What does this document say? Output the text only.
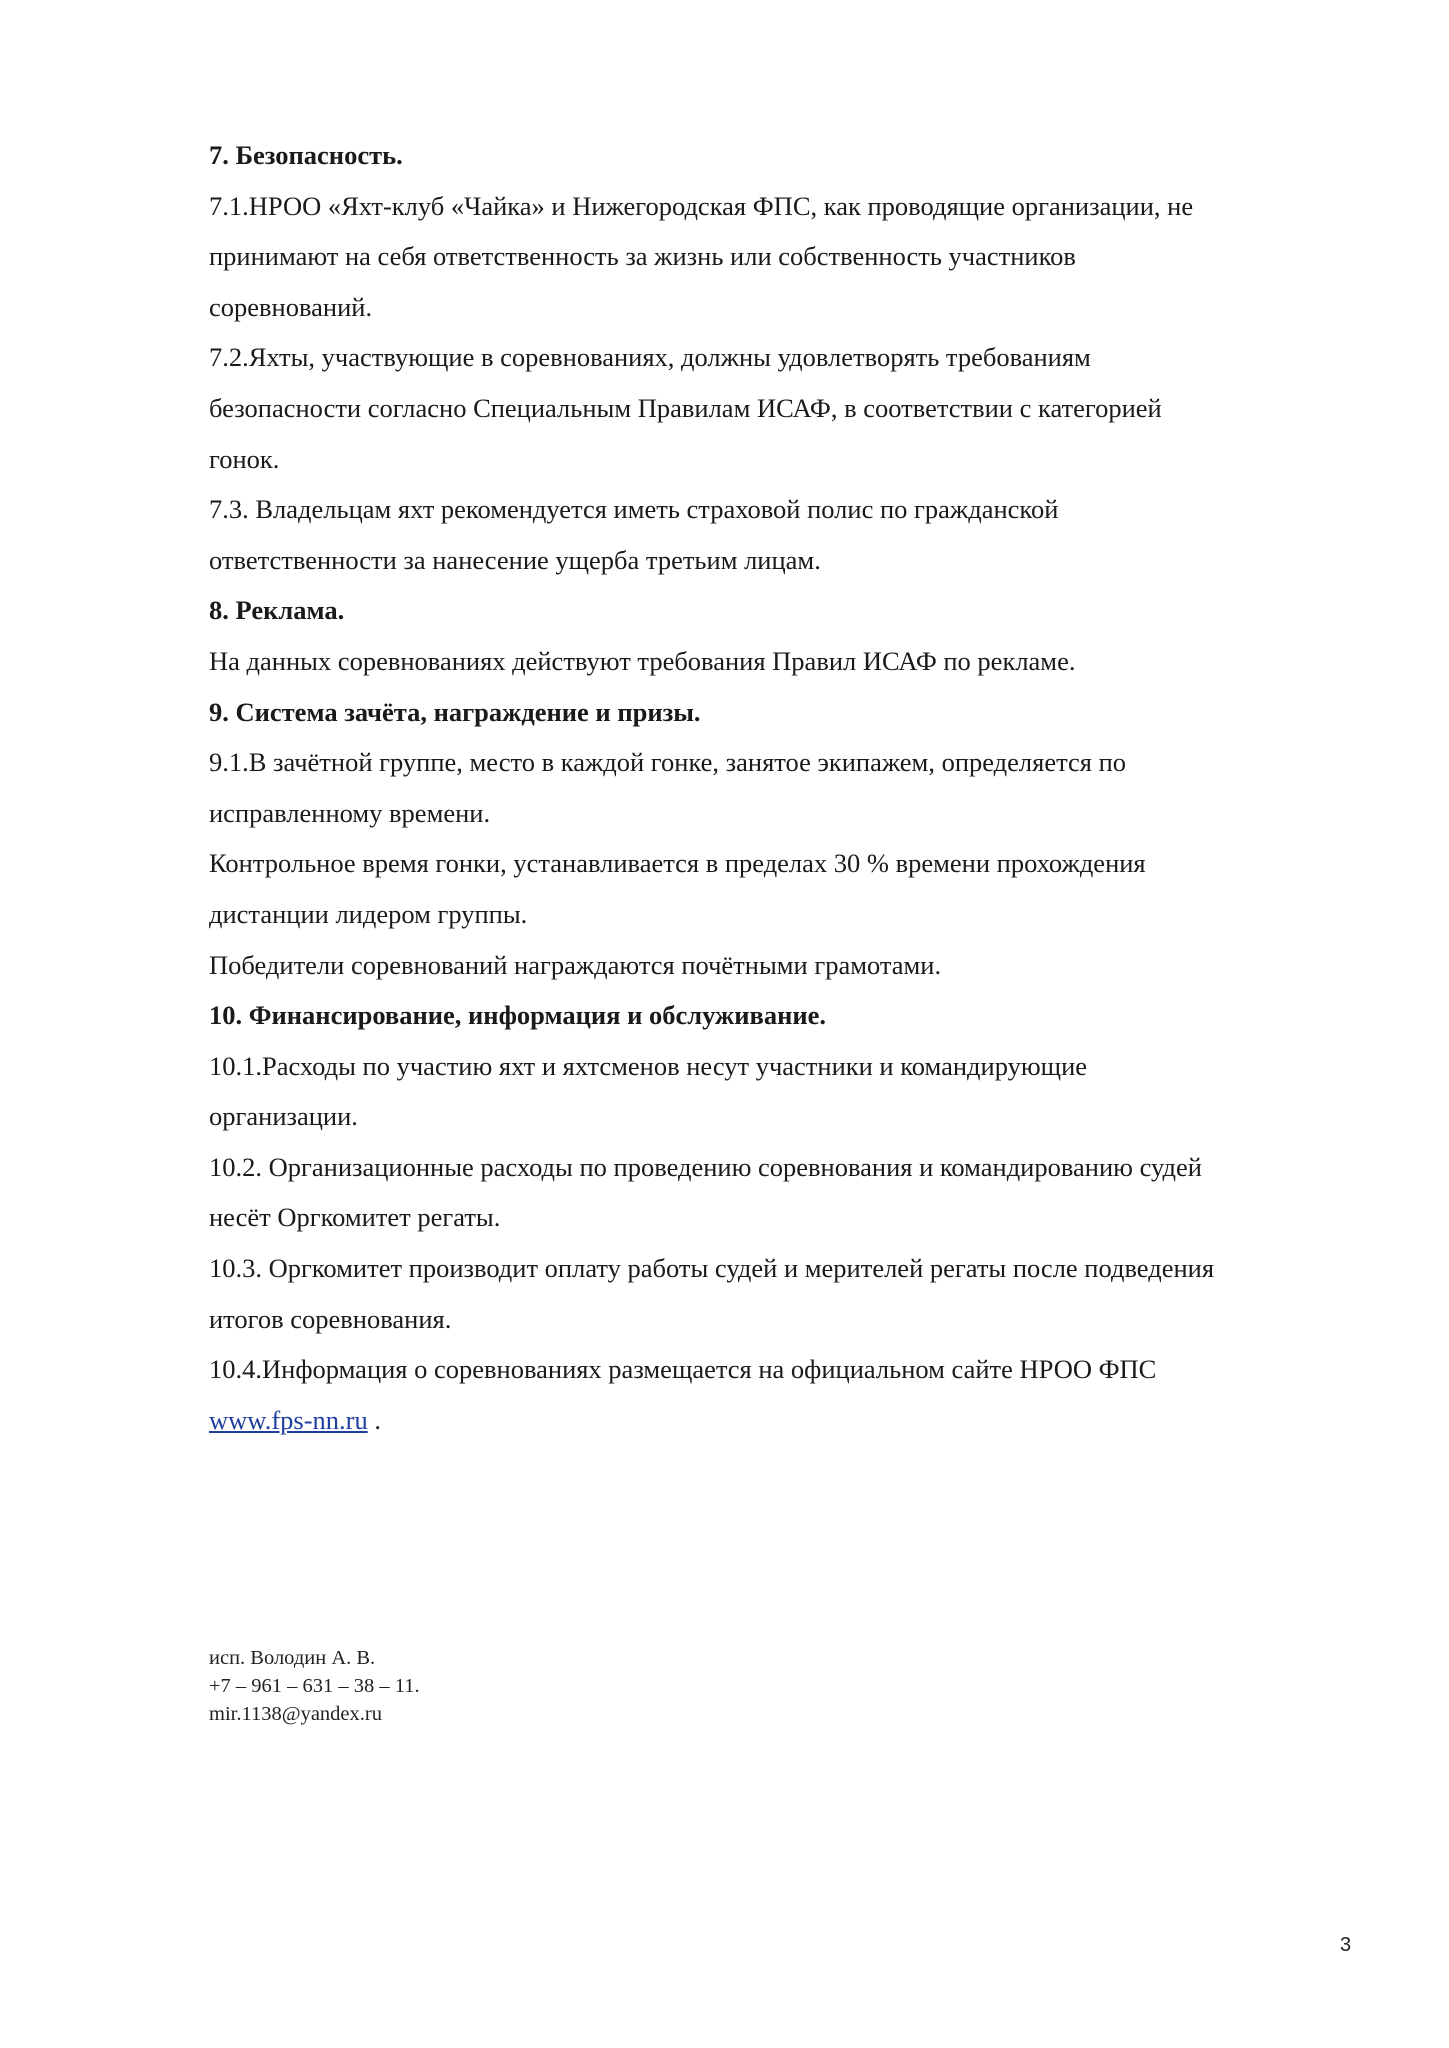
7. Безопасность.

7.1.НРОО «Яхт-клуб «Чайка» и Нижегородская ФПС, как проводящие организации, не

принимают на себя ответственность за жизнь или собственность участников

соревнований.

7.2.Яхты, участвующие в соревнованиях, должны удовлетворять требованиям

безопасности согласно Специальным Правилам ИСАФ, в соответствии с категорией

гонок.

7.3. Владельцам яхт рекомендуется иметь страховой полис по гражданской

ответственности за нанесение ущерба третьим лицам.

8. Реклама.

На данных соревнованиях действуют требования Правил ИСАФ по рекламе.

9. Система зачёта, награждение и призы.

9.1.В зачётной группе, место в каждой гонке, занятое экипажем, определяется по

исправленному времени.

Контрольное время гонки, устанавливается в пределах 30 % времени прохождения

дистанции лидером группы.

Победители соревнований награждаются почётными грамотами.

10. Финансирование, информация и обслуживание.

10.1.Расходы по участию яхт и яхтсменов несут участники и командирующие

организации.

10.2. Организационные расходы по проведению соревнования и командированию судей

несёт Оргкомитет регаты.

10.3. Оргкомитет производит оплату работы судей и мерителей регаты после подведения

итогов соревнования.

10.4.Информация о соревнованиях размещается на официальном сайте НРОО ФПС

www.fps-nn.ru .

исп. Володин А. В.
+7 – 961 – 631 – 38 – 11.
mir.1138@yandex.ru
3
